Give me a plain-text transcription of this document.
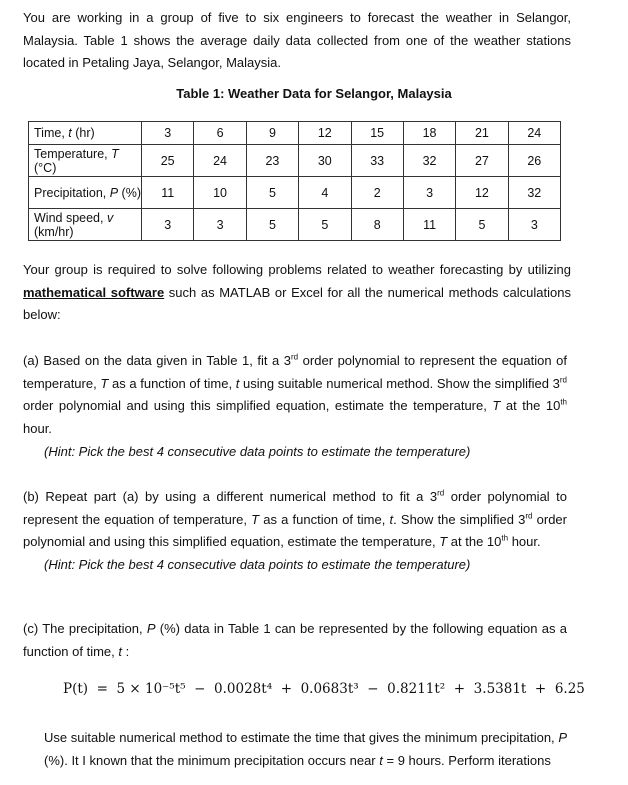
You are working in a group of five to six engineers to forecast the weather in Selangor, Malaysia. Table 1 shows the average daily data collected from one of the weather stations located in Petaling Jaya, Selangor, Malaysia.

Table 1: Weather Data for Selangor, Malaysia
Time, t (hr)	3	6	9	12	15	18	21	24
Temperature, T (°C)	25	24	23	30	33	32	27	26
Precipitation, P (%)	11	10	5	4	2	3	12	32
Wind speed, v (km/hr)	3	3	5	5	8	11	5	3

Your group is required to solve following problems related to weather forecasting by utilizing mathematical software such as MATLAB or Excel for all the numerical methods calculations below:

(a) Based on the data given in Table 1, fit a 3rd order polynomial to represent the equation of temperature, T as a function of time, t using suitable numerical method. Show the simplified 3rd order polynomial and using this simplified equation, estimate the temperature, T at the 10th hour.
(Hint: Pick the best 4 consecutive data points to estimate the temperature)

(b) Repeat part (a) by using a different numerical method to fit a 3rd order polynomial to represent the equation of temperature, T as a function of time, t. Show the simplified 3rd order polynomial and using this simplified equation, estimate the temperature, T at the 10th hour.
(Hint: Pick the best 4 consecutive data points to estimate the temperature)

(c) The precipitation, P (%) data in Table 1 can be represented by the following equation as a function of time, t :

P(t)  =  5 × 10⁻⁵t⁵  −  0.0028t⁴  +  0.0683t³  −  0.8211t²  +  3.5381t  +  6.25

Use suitable numerical method to estimate the time that gives the minimum precipitation, P (%). It I known that the minimum precipitation occurs near t = 9 hours. Perform iterations
